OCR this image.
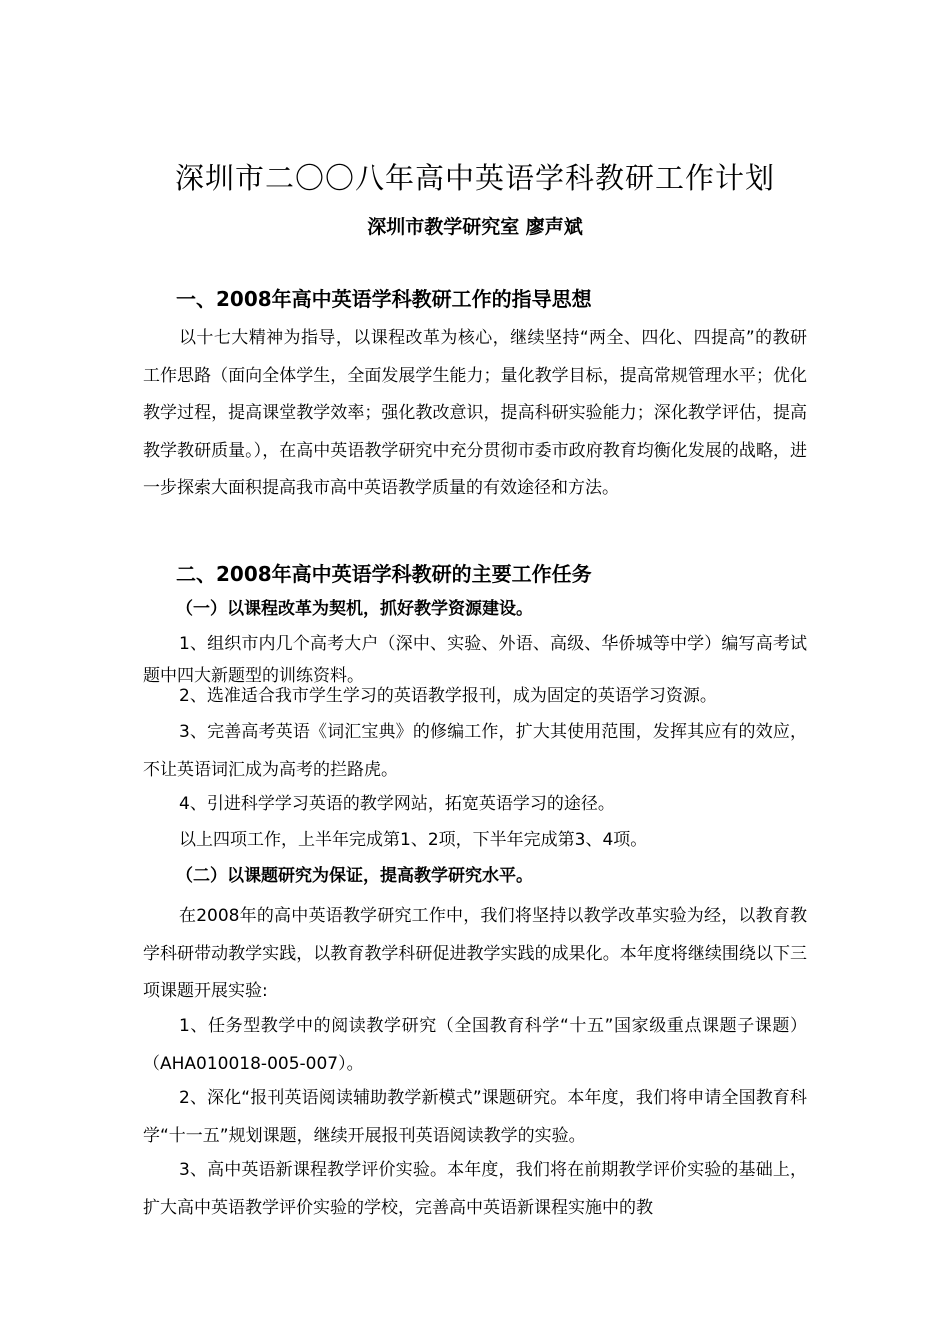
深圳市二〇〇八年高中英语学科教研工作计划

深圳市教学研究室 廖声斌

一、2008年高中英语学科教研工作的指导思想

以十七大精神为指导，以课程改革为核心，继续坚持“两全、四化、四提高”的教研工作思路（面向全体学生，全面发展学生能力；量化教学目标，提高常规管理水平；优化教学过程，提高课堂教学效率；强化教改意识，提高科研实验能力；深化教学评估，提高教学教研质量。），在高中英语教学研究中充分贯彻市委市政府教育均衡化发展的战略，进一步探索大面积提高我市高中英语教学质量的有效途径和方法。

二、2008年高中英语学科教研的主要工作任务
（一）以课程改革为契机，抓好教学资源建设。

1、组织市内几个高考大户（深中、实验、外语、高级、华侨城等中学）编写高考试题中四大新题型的训练资料。

2、选准适合我市学生学习的英语教学报刊，成为固定的英语学习资源。

3、完善高考英语《词汇宝典》的修编工作，扩大其使用范围，发挥其应有的效应，不让英语词汇成为高考的拦路虎。

4、引进科学学习英语的教学网站，拓宽英语学习的途径。

以上四项工作，上半年完成第1、2项，下半年完成第3、4项。

（二）以课题研究为保证，提高教学研究水平。

在2008年的高中英语教学研究工作中，我们将坚持以教学改革实验为经，以教育教学科研带动教学实践，以教育教学科研促进教学实践的成果化。本年度将继续围绕以下三项课题开展实验:

1、任务型教学中的阅读教学研究（全国教育科学“十五”国家级重点课题子课题）（AHA010018-005-007）。

2、深化“报刊英语阅读辅助教学新模式”课题研究。本年度，我们将申请全国教育科学“十一五”规划课题，继续开展报刊英语阅读教学的实验。

3、高中英语新课程教学评价实验。本年度，我们将在前期教学评价实验的基础上，扩大高中英语教学评价实验的学校，完善高中英语新课程实施中的教
